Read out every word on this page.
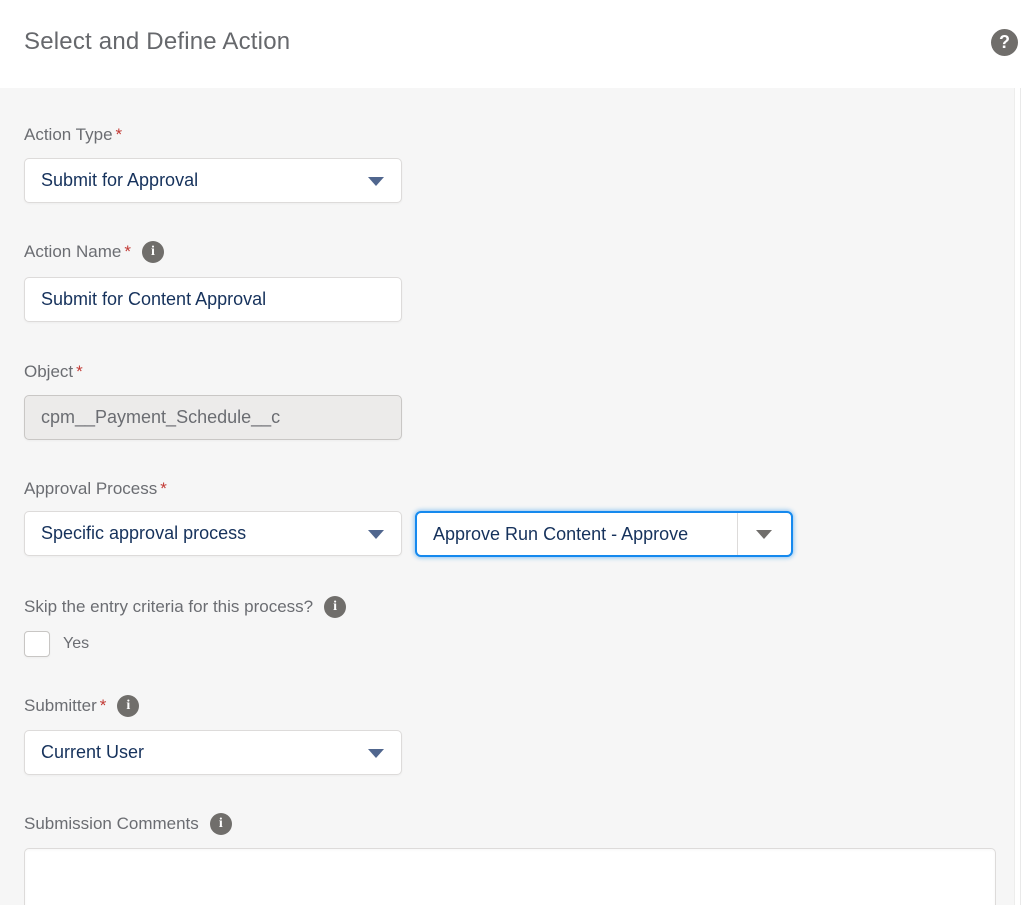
Select and Define Action	?
Action Type *
Submit for Approval
Action Name *	i
Submit for Content Approval
Object *
cpm__Payment_Schedule__c
Approval Process *
Specific approval process	Approve Run Content - Approve
Skip the entry criteria for this process?	i
Yes
Submitter *	i
Current User
Submission Comments	i
